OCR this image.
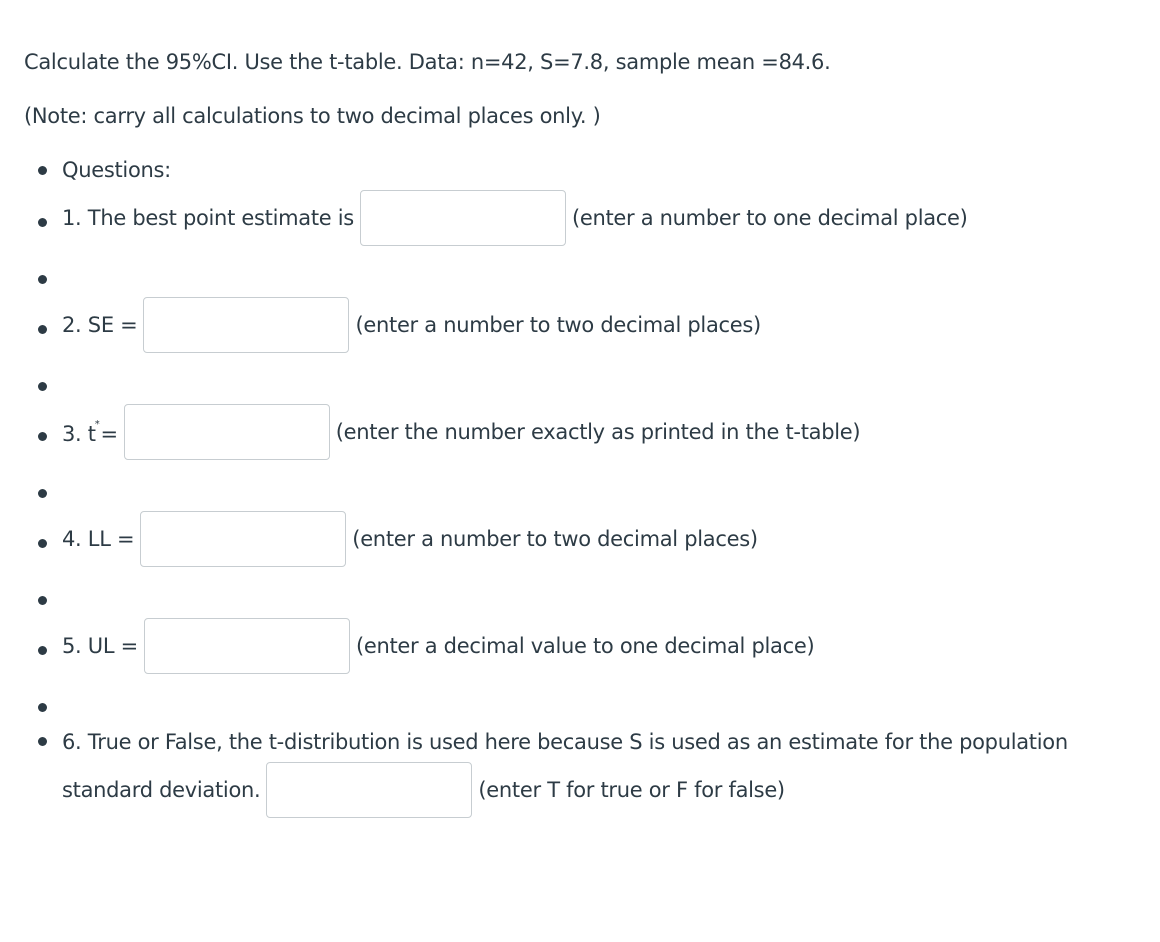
Calculate the 95%CI. Use the t-table. Data: n=42, S=7.8, sample mean =84.6.
(Note: carry all calculations to two decimal places only. )
Questions:
1. The best point estimate is	(enter a number to one decimal place)
2. SE =	(enter a number to two decimal places)
3. t*=	(enter the number exactly as printed in the t-table)
4. LL =	(enter a number to two decimal places)
5. UL =	(enter a decimal value to one decimal place)
6. True or False, the t-distribution is used here because S is used as an estimate for the population
standard deviation.	(enter T for true or F for false)
